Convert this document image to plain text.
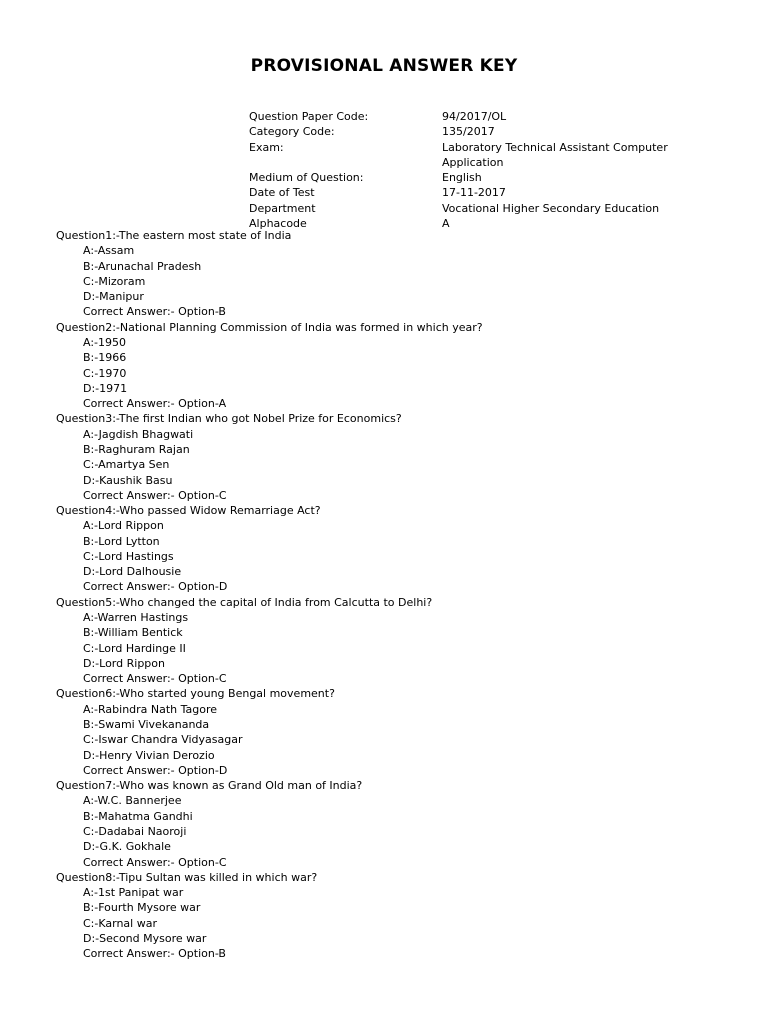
PROVISIONAL ANSWER KEY
Question Paper Code:	94/2017/OL
Category Code:	135/2017
Exam:	Laboratory Technical Assistant Computer Application
Medium of Question:	English
Date of Test	17-11-2017
Department	Vocational Higher Secondary Education
Alphacode	A
Question1:-The eastern most state of India
A:-Assam
B:-Arunachal Pradesh
C:-Mizoram
D:-Manipur
Correct Answer:- Option-B
Question2:-National Planning Commission of India was formed in which year?
A:-1950
B:-1966
C:-1970
D:-1971
Correct Answer:- Option-A
Question3:-The first Indian who got Nobel Prize for Economics?
A:-Jagdish Bhagwati
B:-Raghuram Rajan
C:-Amartya Sen
D:-Kaushik Basu
Correct Answer:- Option-C
Question4:-Who passed Widow Remarriage Act?
A:-Lord Rippon
B:-Lord Lytton
C:-Lord Hastings
D:-Lord Dalhousie
Correct Answer:- Option-D
Question5:-Who changed the capital of India from Calcutta to Delhi?
A:-Warren Hastings
B:-William Bentick
C:-Lord Hardinge II
D:-Lord Rippon
Correct Answer:- Option-C
Question6:-Who started young Bengal movement?
A:-Rabindra Nath Tagore
B:-Swami Vivekananda
C:-Iswar Chandra Vidyasagar
D:-Henry Vivian Derozio
Correct Answer:- Option-D
Question7:-Who was known as Grand Old man of India?
A:-W.C. Bannerjee
B:-Mahatma Gandhi
C:-Dadabai Naoroji
D:-G.K. Gokhale
Correct Answer:- Option-C
Question8:-Tipu Sultan was killed in which war?
A:-1st Panipat war
B:-Fourth Mysore war
C:-Karnal war
D:-Second Mysore war
Correct Answer:- Option-B
